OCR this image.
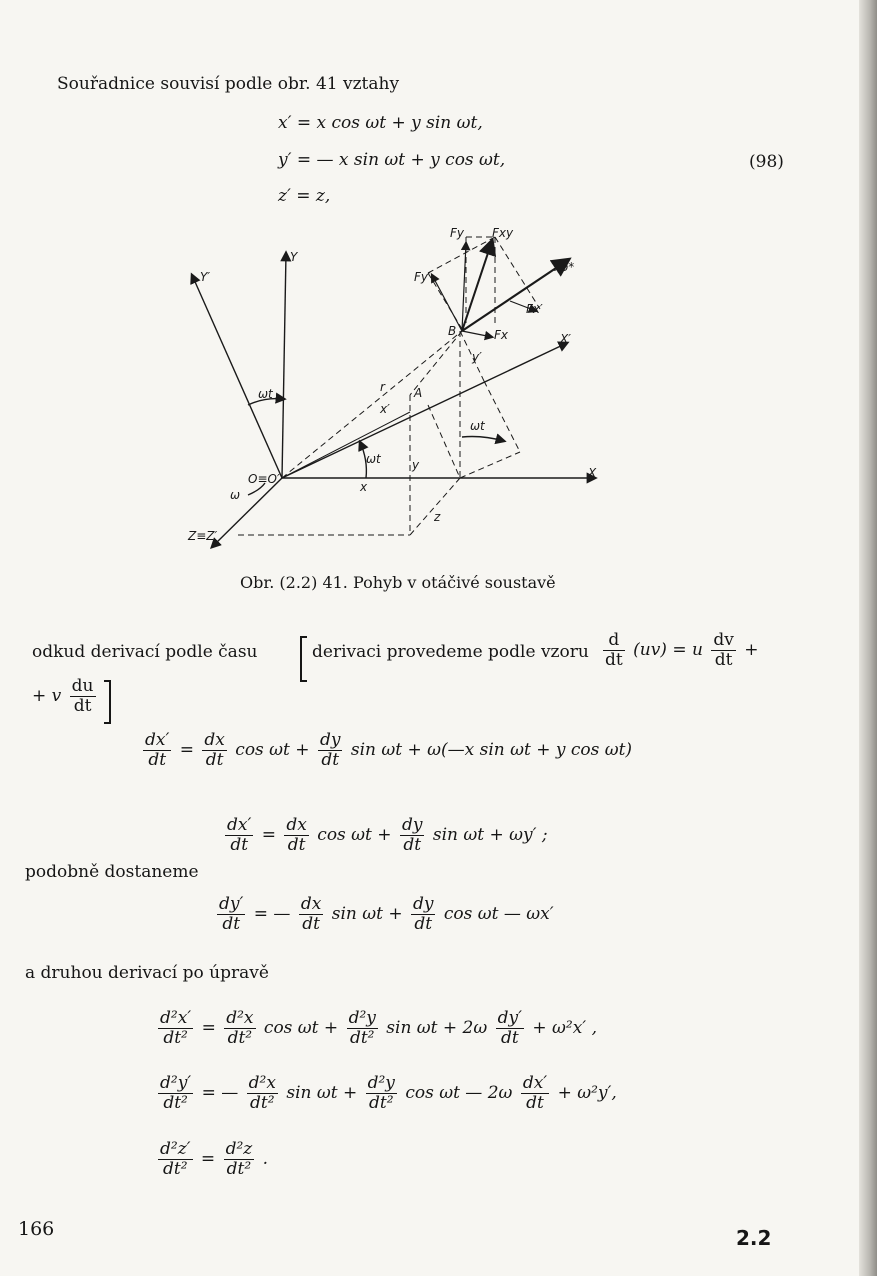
Souřadnice souvisí podle obr. 41 vztahy
x′ = x cos ωt + y sin ωt,
y′ = — x sin ωt + y cos ωt,
z′ = z,
(98)
Y
Y′
X
X′
Z≡Z′
O≡O′
ω
A
B
r
x′
y′
x
y
z
ωt
ωt
ωt
Fy Fxy
Fy′
Fo*
Fx′
Fx
Obr. (2.2) 41. Pohyb v otáčivé soustavě
odkud derivací podle času	derivaci provedeme podle vzoru $\frac{d}{dt} (uv) = u \frac{dv}{dt}$ +
+ v $\frac{du}{dt}$
$\frac{dx'}{dt} = \frac{dx}{dt}$ $\cos \omega t + \frac{dy}{dt}$ sin ωt + ω(—x sin ωt + y cos ωt)
$\frac{dx'}{dt} = \frac{dx}{dt}$ $\cos \omega t + \frac{dy}{dt}$ sin ωt + ωy′ ;
podobně dostaneme
$\frac{dy'}{dt}$ = — $\frac{dx}{dt}$ $\sin \omega t + \frac{dy}{dt}$ cos ωt — ωx′
a druhou derivací po úpravě
$\frac{\text{d²x′}}{\text{dt²}} = \frac{\text{d²x}}{\text{dt²}}$ $\cos \omega t + \frac{\text{d²y}}{\text{dt²}}$ $\sin \omega t + 2\omega \frac{dy'}{dt} + \omega^2x'$ ,
$\frac{\text{d²y′}}{\text{dt²}}$ = — $\frac{\text{d²x}}{\text{dt²}}$ $\sin \omega t + \frac{\text{d²y}}{\text{dt²}}$ cos ωt — $2\omega \frac{dx'}{dt} + \omega^2y'$,
$\frac{\text{d²z′}}{\text{dt²}} = \frac{\text{d²z}}{\text{dt²}}$ .
166	2.2
